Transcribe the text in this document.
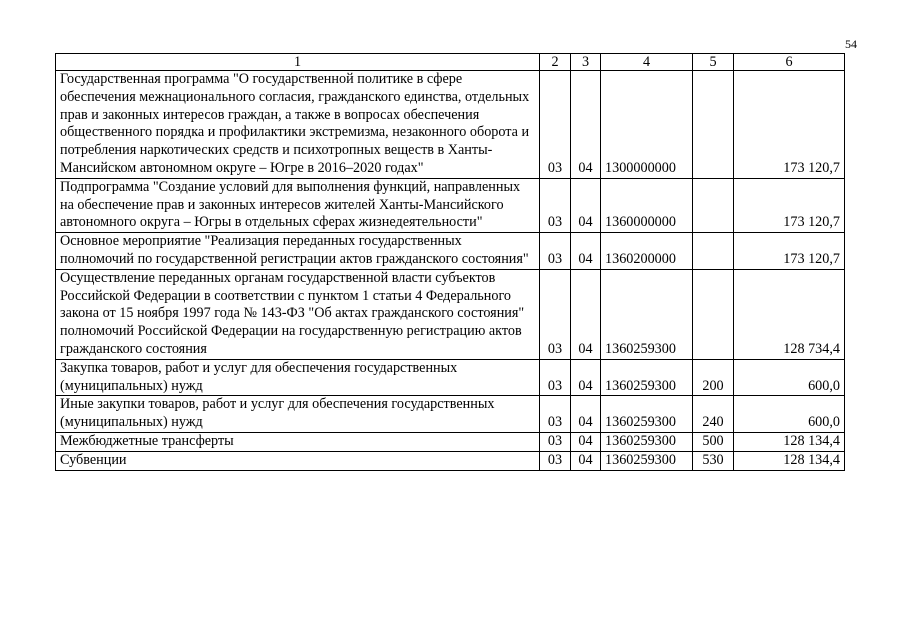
54
1	2	3	4	5	6
Государственная программа "О государственной политике в сфере обеспечения межнационального согласия, гражданского единства, отдельных прав и законных интересов граждан, а также в вопросах обеспечения общественного порядка и профилактики экстремизма, незаконного оборота и потребления наркотических средств и психотропных веществ в Ханты-Мансийском автономном округе – Югре в 2016–2020 годах"	03	04	1300000000		173 120,7
Подпрограмма "Создание условий для выполнения функций, направленных на обеспечение прав и законных интересов жителей Ханты-Мансийского автономного округа – Югры в отдельных сферах жизнедеятельности"	03	04	1360000000		173 120,7
Основное мероприятие "Реализация переданных государственных полномочий по государственной регистрации актов гражданского состояния"	03	04	1360200000		173 120,7
Осуществление переданных органам государственной власти субъектов Российской Федерации в соответствии с пунктом 1 статьи 4 Федерального закона от 15 ноября 1997 года № 143-ФЗ "Об актах гражданского состояния" полномочий Российской Федерации на государственную регистрацию актов гражданского состояния	03	04	1360259300		128 734,4
Закупка товаров, работ и услуг для обеспечения государственных (муниципальных) нужд	03	04	1360259300	200	600,0
Иные закупки товаров, работ и услуг для обеспечения государственных (муниципальных) нужд	03	04	1360259300	240	600,0
Межбюджетные трансферты	03	04	1360259300	500	128 134,4
Субвенции	03	04	1360259300	530	128 134,4
